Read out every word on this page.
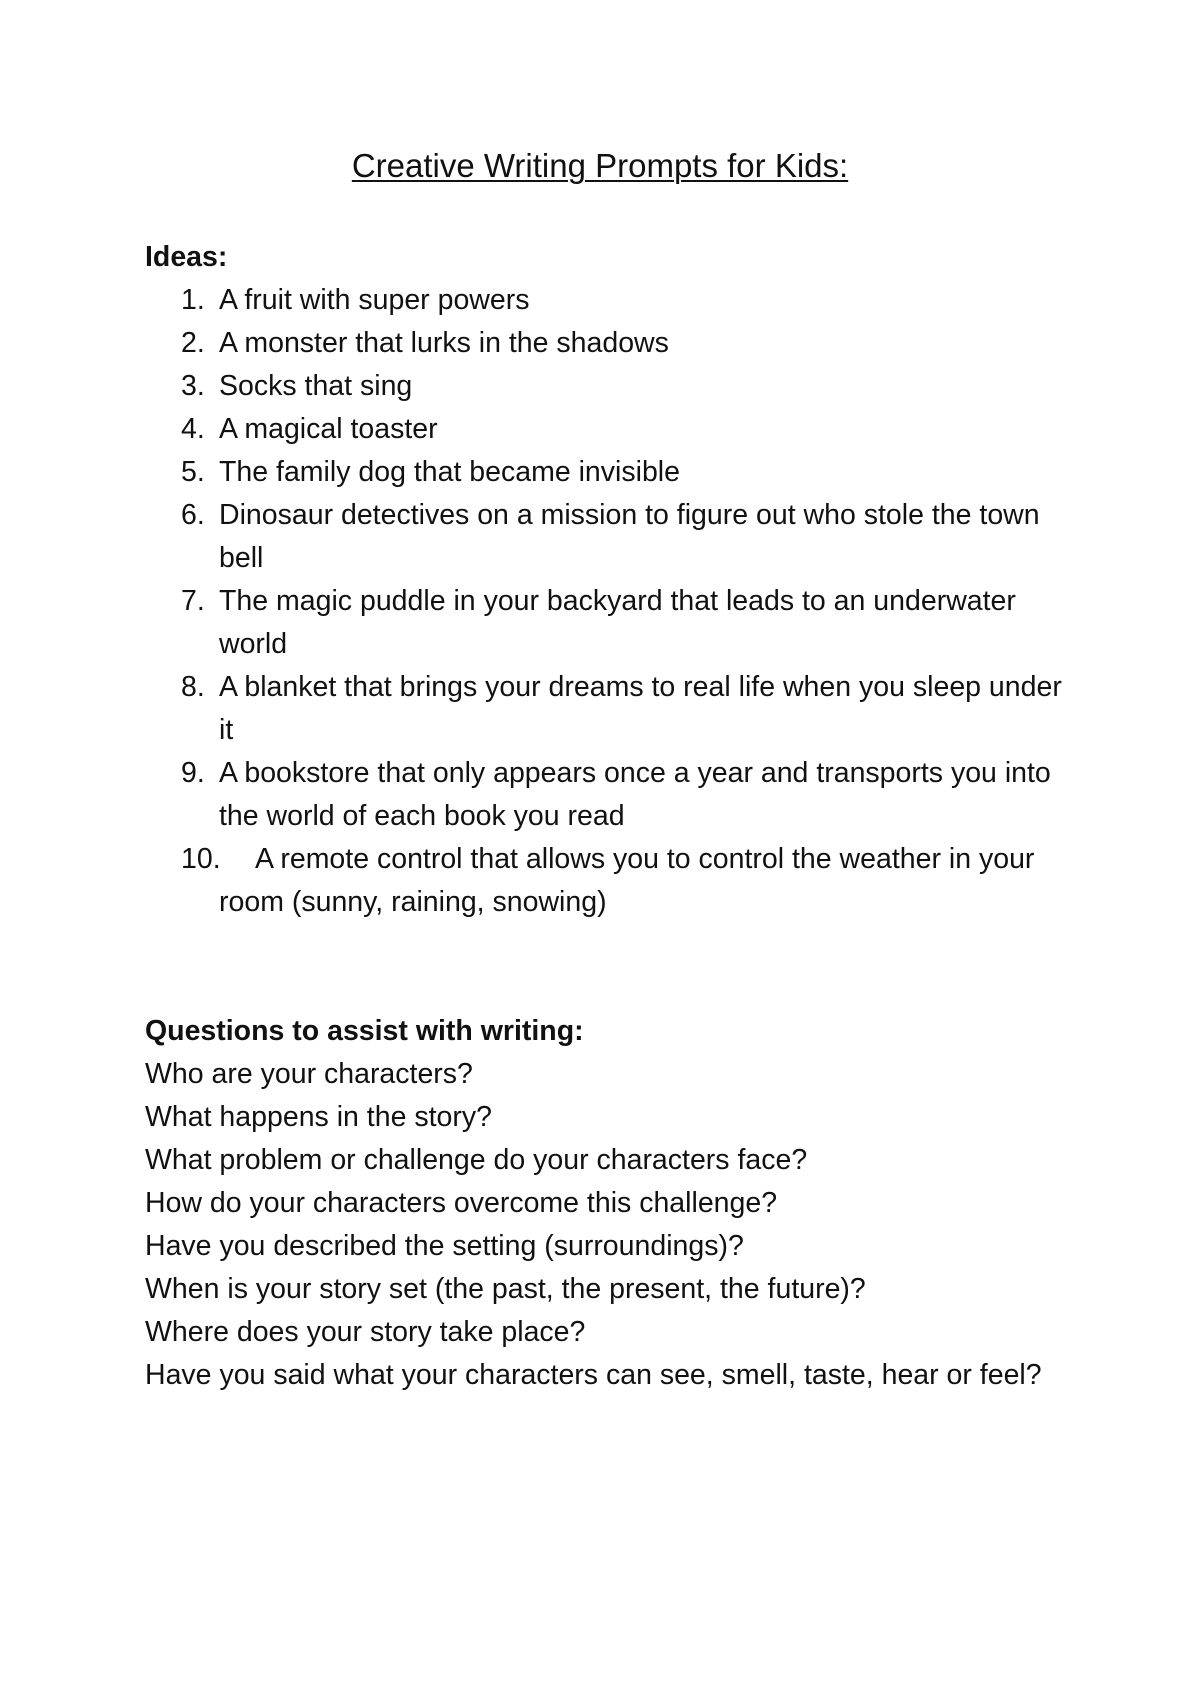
Creative Writing Prompts for Kids:

Ideas:

1. A fruit with super powers
2. A monster that lurks in the shadows
3. Socks that sing
4. A magical toaster
5. The family dog that became invisible
6. Dinosaur detectives on a mission to figure out who stole the town bell
7. The magic puddle in your backyard that leads to an underwater world
8. A blanket that brings your dreams to real life when you sleep under it
9. A bookstore that only appears once a year and transports you into the world of each book you read
10. A remote control that allows you to control the weather in your room (sunny, raining, snowing)

Questions to assist with writing:

Who are your characters?

What happens in the story?

What problem or challenge do your characters face?

How do your characters overcome this challenge?

Have you described the setting (surroundings)?

When is your story set (the past, the present, the future)?

Where does your story take place?

Have you said what your characters can see, smell, taste, hear or feel?
